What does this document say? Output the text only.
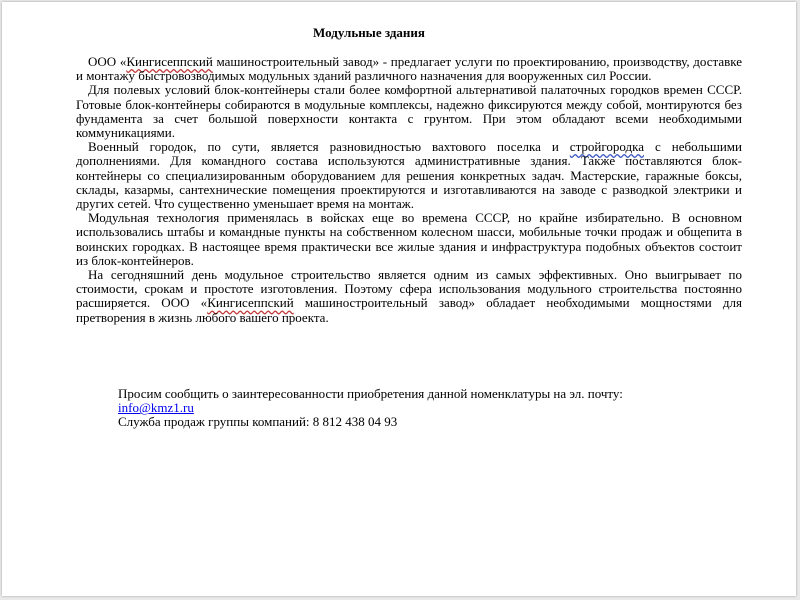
Модульные здания

ООО «Кингисеппский машиностроительный завод» - предлагает услуги по проектированию, производству, доставке и монтажу быстровозводимых модульных зданий различного назначения для вооруженных сил России.

Для полевых условий блок-контейнеры стали более комфортной альтернативой палаточных городков времен СССР. Готовые блок-контейнеры собираются в модульные комплексы, надежно фиксируются между собой, монтируются без фундамента за счет большой поверхности контакта с грунтом. При этом обладают всеми необходимыми коммуникациями.

Военный городок, по сути, является разновидностью вахтового поселка и стройгородка с небольшими дополнениями. Для командного состава используются административные здания. Также поставляются блок-контейнеры со специализированным оборудованием для решения конкретных задач. Мастерские, гаражные боксы, склады, казармы, сантехнические помещения проектируются и изготавливаются на заводе с разводкой электрики и других сетей. Что существенно уменьшает время на монтаж.

Модульная технология применялась в войсках еще во времена СССР, но крайне избирательно. В основном использовались штабы и командные пункты на собственном колесном шасси, мобильные точки продаж и общепита в воинских городках. В настоящее время практически все жилые здания и инфраструктура подобных объектов состоит из блок-контейнеров.

На сегодняшний день модульное строительство является одним из самых эффективных. Оно выигрывает по стоимости, срокам и простоте изготовления. Поэтому сфера использования модульного строительства постоянно расширяется. ООО «Кингисеппский машиностроительный завод» обладает необходимыми мощностями для претворения в жизнь любого вашего проекта.

Просим сообщить о заинтересованности приобретения данной номенклатуры на эл. почту:
info@kmz1.ru
Служба продаж группы компаний: 8 812 438 04 93
